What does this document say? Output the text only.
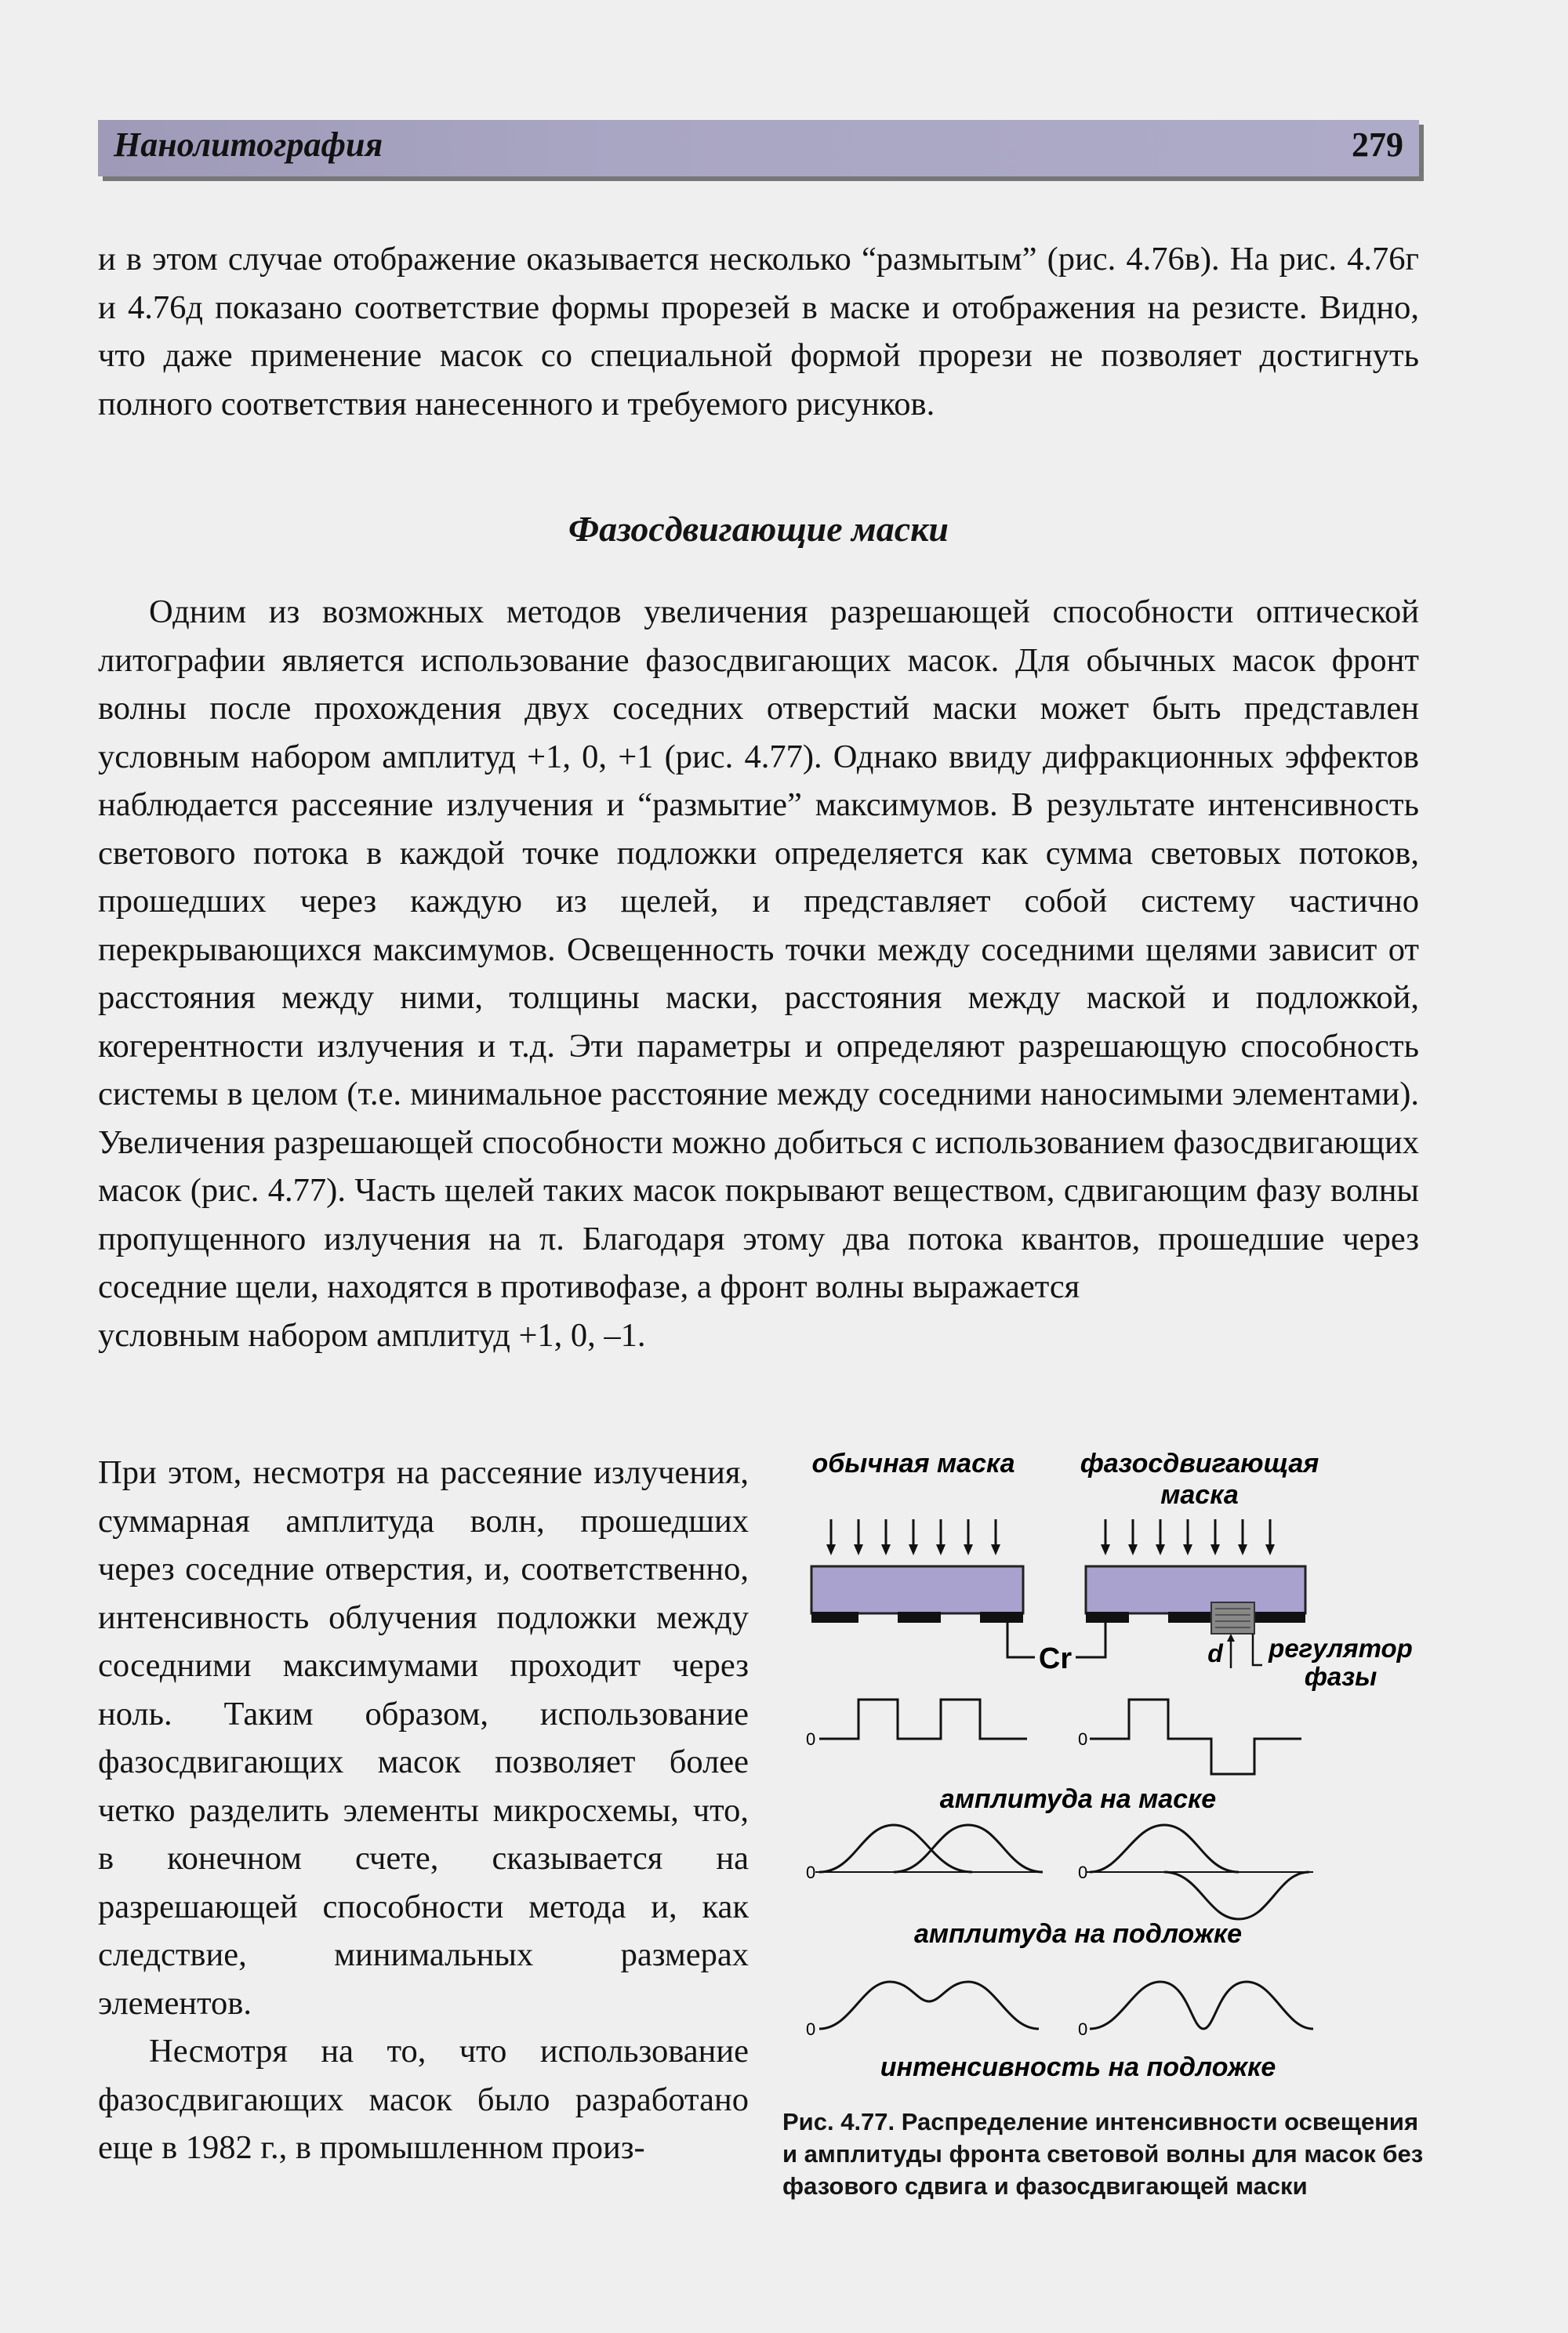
Нанолитография	279

и в этом случае отображение оказывается несколько “размытым” (рис. 4.76в). На рис. 4.76г и 4.76д показано соответствие формы прорезей в маске и отображения на резисте. Видно, что даже применение масок со специальной формой прорези не позволяет достигнуть полного соответствия нанесенного и требуемого рисунков.

Фазосдвигающие маски

Одним из возможных методов увеличения разрешающей способности оптической литографии является использование фазосдвигающих масок. Для обычных масок фронт волны после прохождения двух соседних отверстий маски может быть представлен условным набором амплитуд +1, 0, +1 (рис. 4.77). Однако ввиду дифракционных эффектов наблюдается рассеяние излучения и “размытие” максимумов. В результате интенсивность светового потока в каждой точке подложки определяется как сумма световых потоков, прошедших через каждую из щелей, и представляет собой систему частично перекрывающихся максимумов. Освещенность точки между соседними щелями зависит от расстояния между ними, толщины маски, расстояния между маской и подложкой, когерентности излучения и т.д. Эти параметры и определяют разрешающую способность системы в целом (т.е. минимальное расстояние между соседними наносимыми элементами). Увеличения разрешающей способности можно добиться с использованием фазосдвигающих масок (рис. 4.77). Часть щелей таких масок покрывают веществом, сдвигающим фазу волны пропущенного излучения на π. Благодаря этому два потока квантов, прошедшие через соседние щели, находятся в противофазе, а фронт волны выражается

условным набором амплитуд +1, 0, –1.

При этом, несмотря на рассеяние излучения, суммарная амплитуда волн, прошедших через соседние отверстия, и, соответственно, интенсивность облучения подложки между соседними максимумами проходит через ноль. Таким образом, использование фазосдвигающих масок позволяет более четко разделить элементы микросхемы, что, в конечном счете, сказывается на разрешающей способности метода и, как следствие, минимальных размерах элементов.

Несмотря на то, что использование фазосдвигающих масок было разработано еще в 1982 г., в промышленном произ-

обычная маска фазосдвигающая
маска
Cr	d регулятор
фазы
0	0
амплитуда на маске
0	0
амплитуда на подложке
0	0
интенсивность на подложке
Рис. 4.77. Распределение интенсивности освещения и амплитуды фронта световой волны для масок без фазового сдвига и фазосдвигающей маски
